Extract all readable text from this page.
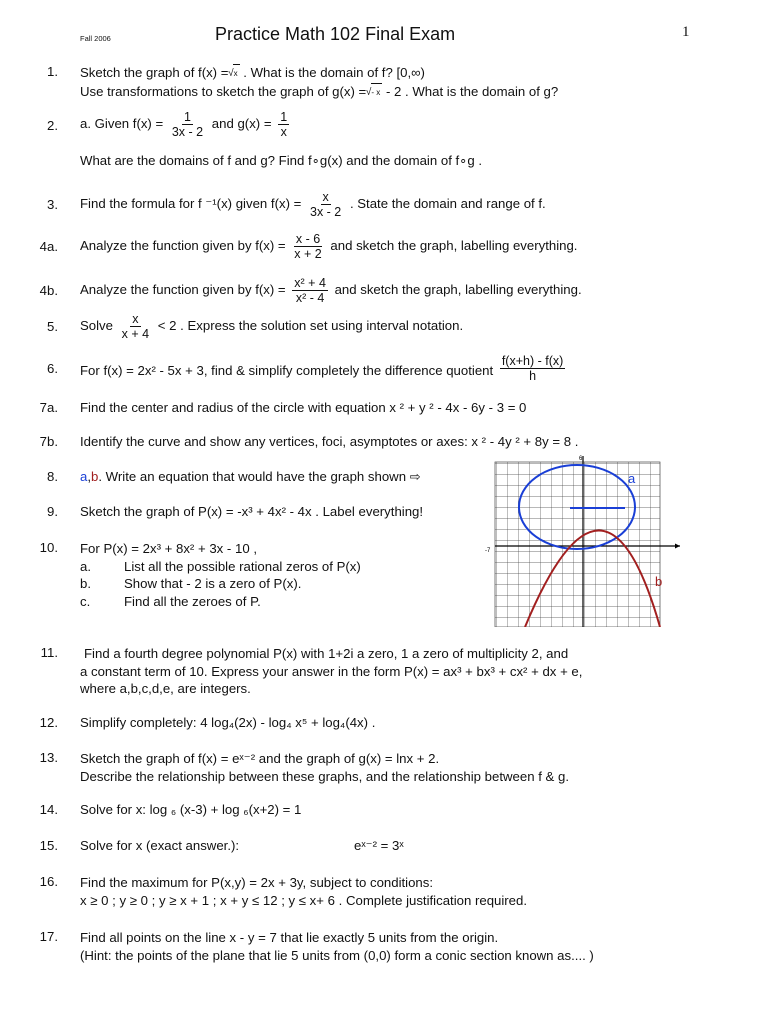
Fall 2006	Practice Math 102 Final Exam	1
1. Sketch the graph of f(x) = √ x . What is the domain of f? [0,∞)
Use transformations to sketch the graph of g(x) = √ - x - 2 . What is the domain of g?
2. a. Given $f(x) = \frac{1}{3x - 2}$ and $g(x) = \frac{1}{x}$
What are the domains of f and g? Find f∘g(x) and the domain of f∘g .
3. Find the formula for f ⁻¹(x) given $f(x) = \frac{x}{3x - 2}$ . State the domain and range of f.
4a. Analyze the function given by $f(x) = \frac{x - 6}{x + 2}$ and sketch the graph, labelling everything.
4b. Analyze the function given by $f(x) = \frac{\text{x² + 4}}{\text{x² - 4}}$ and sketch the graph, labelling everything.
5. Solve $\frac{x}{x + 4} < 2$ . Express the solution set using interval notation.
6. For f(x) = 2x² - 5x + 3, find & simplify completely the difference quotient $\frac{f(x+h) - f(x)}{h}$
7a. Find the center and radius of the circle with equation x ² + y ² - 4x - 6y - 3 = 0
7b. Identify the curve and show any vertices, foci, asymptotes or axes: x ² - 4y ² + 8y = 8 .
8. a,b. Write an equation that would have the graph shown ⇨
9. Sketch the graph of P(x) = -x³ + 4x² - 4x . Label everything!
10. For P(x) = 2x³ + 8x² + 3x - 10 ,
a.	List all the possible rational zeros of P(x)
b.	Show that - 2 is a zero of P(x).
c.	Find all the zeroes of P.
6
-7
a
b
11.	Find a fourth degree polynomial P(x) with 1+2i a zero, 1 a zero of multiplicity 2, and
a constant term of 10. Express your answer in the form P(x) = ax³ + bx³ + cx² + dx + e,
where a,b,c,d,e, are integers.
12. Simplify completely: 4 log₄(2x) - log₄ x⁵ + log₄(4x) .
13. Sketch the graph of f(x) = eˣ⁻² and the graph of g(x) = lnx + 2.
Describe the relationship between these graphs, and the relationship between f & g.
14. Solve for x: log ₆ (x-3) + log ₆(x+2) = 1
15. Solve for x (exact answer.):	eˣ⁻² = 3ˣ
16. Find the maximum for P(x,y) = 2x + 3y, subject to conditions:
x ≥ 0 ; y ≥ 0 ; y ≥ x + 1 ; x + y ≤ 12 ; y ≤ x+ 6 . Complete justification required.
17. Find all points on the line x - y = 7 that lie exactly 5 units from the origin.
(Hint: the points of the plane that lie 5 units from (0,0) form a conic section known as.... )
